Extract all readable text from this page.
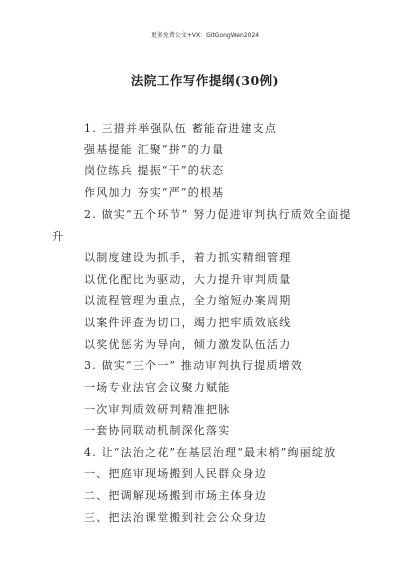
更多免费公文+VX：GitGongWen2024
法院工作写作提纲(30例)
1. 三措并举强队伍 蓄能奋进建支点
强基提能 汇聚“拼”的力量
岗位练兵 提振“干”的状态
作风加力 夯实“严”的根基
2. 做实“五个环节” 努力促进审判执行质效全面提
升
以制度建设为抓手，着力抓实精细管理
以优化配比为驱动，大力提升审判质量
以流程管理为重点，全力缩短办案周期
以案件评查为切口，竭力把牢质效底线
以奖优惩劣为导向，倾力激发队伍活力
3. 做实“三个一” 推动审判执行提质增效
一场专业法官会议聚力赋能
一次审判质效研判精准把脉
一套协同联动机制深化落实
4. 让“法治之花”在基层治理“最末梢”绚丽绽放
一、把庭审现场搬到人民群众身边
二、把调解现场搬到市场主体身边
三、把法治课堂搬到社会公众身边
